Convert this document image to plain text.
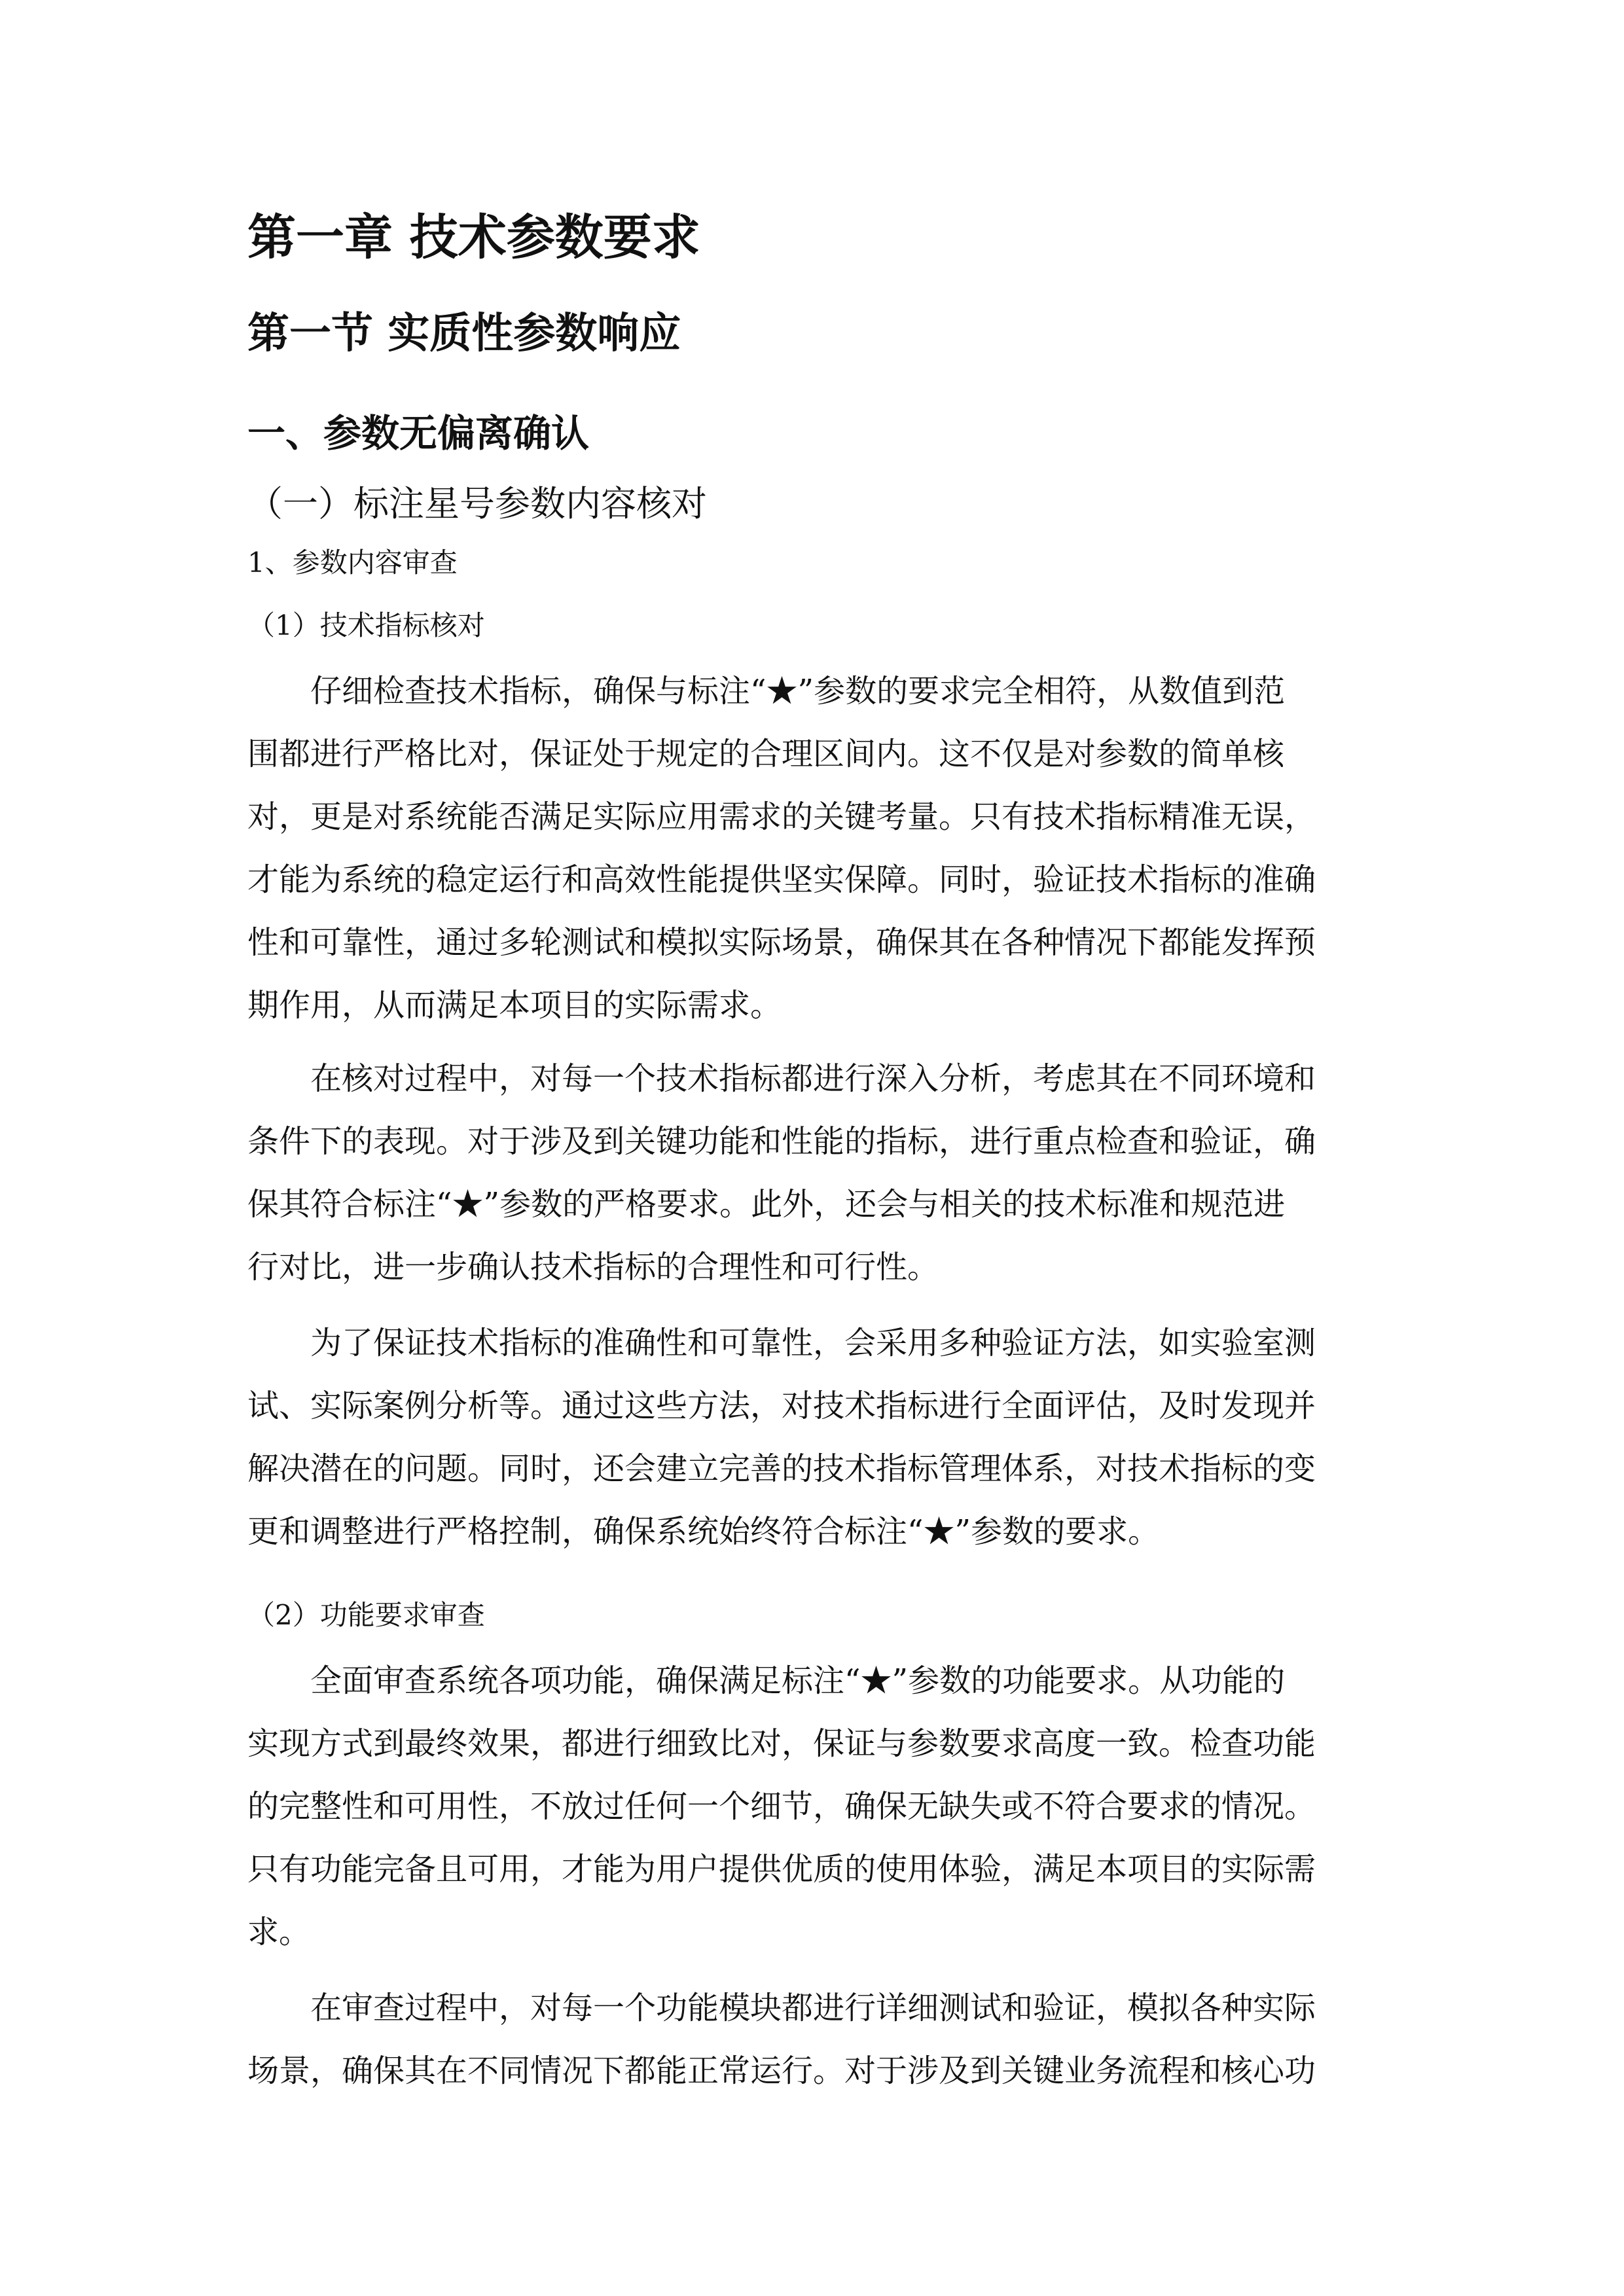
第一章 技术参数要求
第一节 实质性参数响应
一、参数无偏离确认
（一）标注星号参数内容核对
1、参数内容审查
（1）技术指标核对
仔细检查技术指标，确保与标注“★”参数的要求完全相符，从数值到范
围都进行严格比对，保证处于规定的合理区间内。这不仅是对参数的简单核
对，更是对系统能否满足实际应用需求的关键考量。只有技术指标精准无误，
才能为系统的稳定运行和高效性能提供坚实保障。同时，验证技术指标的准确
性和可靠性，通过多轮测试和模拟实际场景，确保其在各种情况下都能发挥预
期作用，从而满足本项目的实际需求。
在核对过程中，对每一个技术指标都进行深入分析，考虑其在不同环境和
条件下的表现。对于涉及到关键功能和性能的指标，进行重点检查和验证，确
保其符合标注“★”参数的严格要求。此外，还会与相关的技术标准和规范进
行对比，进一步确认技术指标的合理性和可行性。
为了保证技术指标的准确性和可靠性，会采用多种验证方法，如实验室测
试、实际案例分析等。通过这些方法，对技术指标进行全面评估，及时发现并
解决潜在的问题。同时，还会建立完善的技术指标管理体系，对技术指标的变
更和调整进行严格控制，确保系统始终符合标注“★”参数的要求。
（2）功能要求审查
全面审查系统各项功能，确保满足标注“★”参数的功能要求。从功能的
实现方式到最终效果，都进行细致比对，保证与参数要求高度一致。检查功能
的完整性和可用性，不放过任何一个细节，确保无缺失或不符合要求的情况。
只有功能完备且可用，才能为用户提供优质的使用体验，满足本项目的实际需
求。
在审查过程中，对每一个功能模块都进行详细测试和验证，模拟各种实际
场景，确保其在不同情况下都能正常运行。对于涉及到关键业务流程和核心功
